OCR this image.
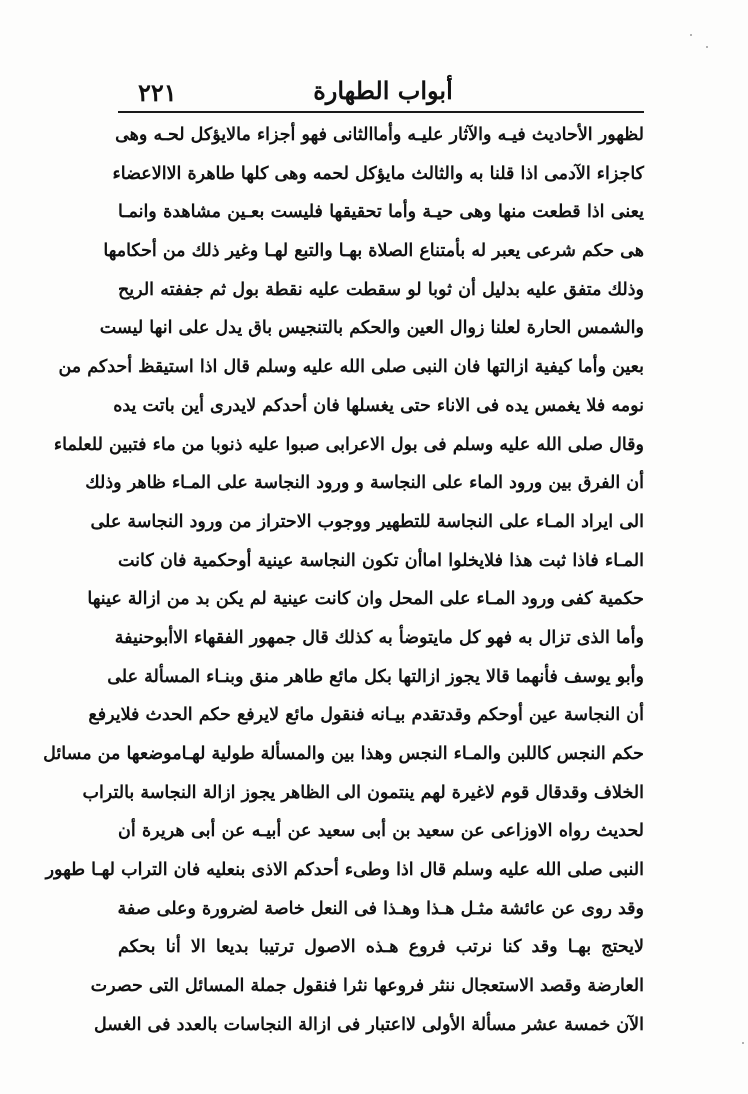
٢٢١	أبواب الطهارة
لظهور الأحاديث فيـه والآثار عليـه وأماالثانى فهو أجزاء مالايؤكل لحـه وهى
كاجزاء الآدمى اذا قلنا به والثالث مايؤكل لحمه وهى كلها طاهرة الاالاعضاء
يعنى اذا قطعت منها وهى حيـة وأما تحقيقها فليست بعـين مشاهدة وانمـا
هى حكم شرعى يعبر له بأمتناع الصلاة بهـا والتبع لهـا وغير ذلك من أحكامها
وذلك متفق عليه بدليل أن ثوبا لو سقطت عليه نقطة بول ثم جففته الريح
والشمس الحارة لعلنا زوال العين والحكم بالتنجيس باق يدل على انها ليست
بعين وأما كيفية ازالتها فان النبى صلى الله عليه وسلم قال اذا استيقظ أحدكم من
نومه فلا يغمس يده فى الاناء حتى يغسلها فان أحدكم لايدرى أين باتت يده
وقال صلى الله عليه وسلم فى بول الاعرابى صبوا عليه ذنوبا من ماء فتبين للعلماء
أن الفرق بين ورود الماء على النجاسة و ورود النجاسة على المـاء ظاهر وذلك
الى ايراد المـاء على النجاسة للتطهير ووجوب الاحتراز من ورود النجاسة على
المـاء فاذا ثبت هذا فلايخلوا اماأن تكون النجاسة عينية أوحكمية فان كانت
حكمية كفى ورود المـاء على المحل وان كانت عينية لم يكن بد من ازالة عينها
وأما الذى تزال به فهو كل مايتوضأ به كذلك قال جمهور الفقهاء الاأبوحنيفة
وأبو يوسف فأنهما قالا يجوز ازالتها بكل مائع طاهر منق وبنـاء المسألة على
أن النجاسة عين أوحكم وقدتقدم بيـانه فنقول مائع لايرفع حكم الحدث فلايرفع
حكم النجس كاللبن والمـاء النجس وهذا بين والمسألة طولية لهـاموضعها من مسائل
الخلاف وقدقال قوم لاغيرة لهم ينتمون الى الظاهر يجوز ازالة النجاسة بالتراب
لحديث رواه الاوزاعى عن سعيد بن أبى سعيد عن أبيـه عن أبى هريرة أن
النبى صلى الله عليه وسلم قال اذا وطىء أحدكم الاذى بنعليه فان التراب لهـا طهور
وقد روى عن عائشة مثـل هـذا وهـذا فى النعل خاصة لضرورة وعلى صفة
لايحتج بهـا وقد كنا نرتب فروع هـذه الاصول ترتيبا بديعا الا أنا بحكم
العارضة وقصد الاستعجال ننثر فروعها نثرا فنقول جملة المسائل التى حصرت
الآن خمسة عشر مسألة الأولى لااعتبار فى ازالة النجاسات بالعدد فى الغسل
